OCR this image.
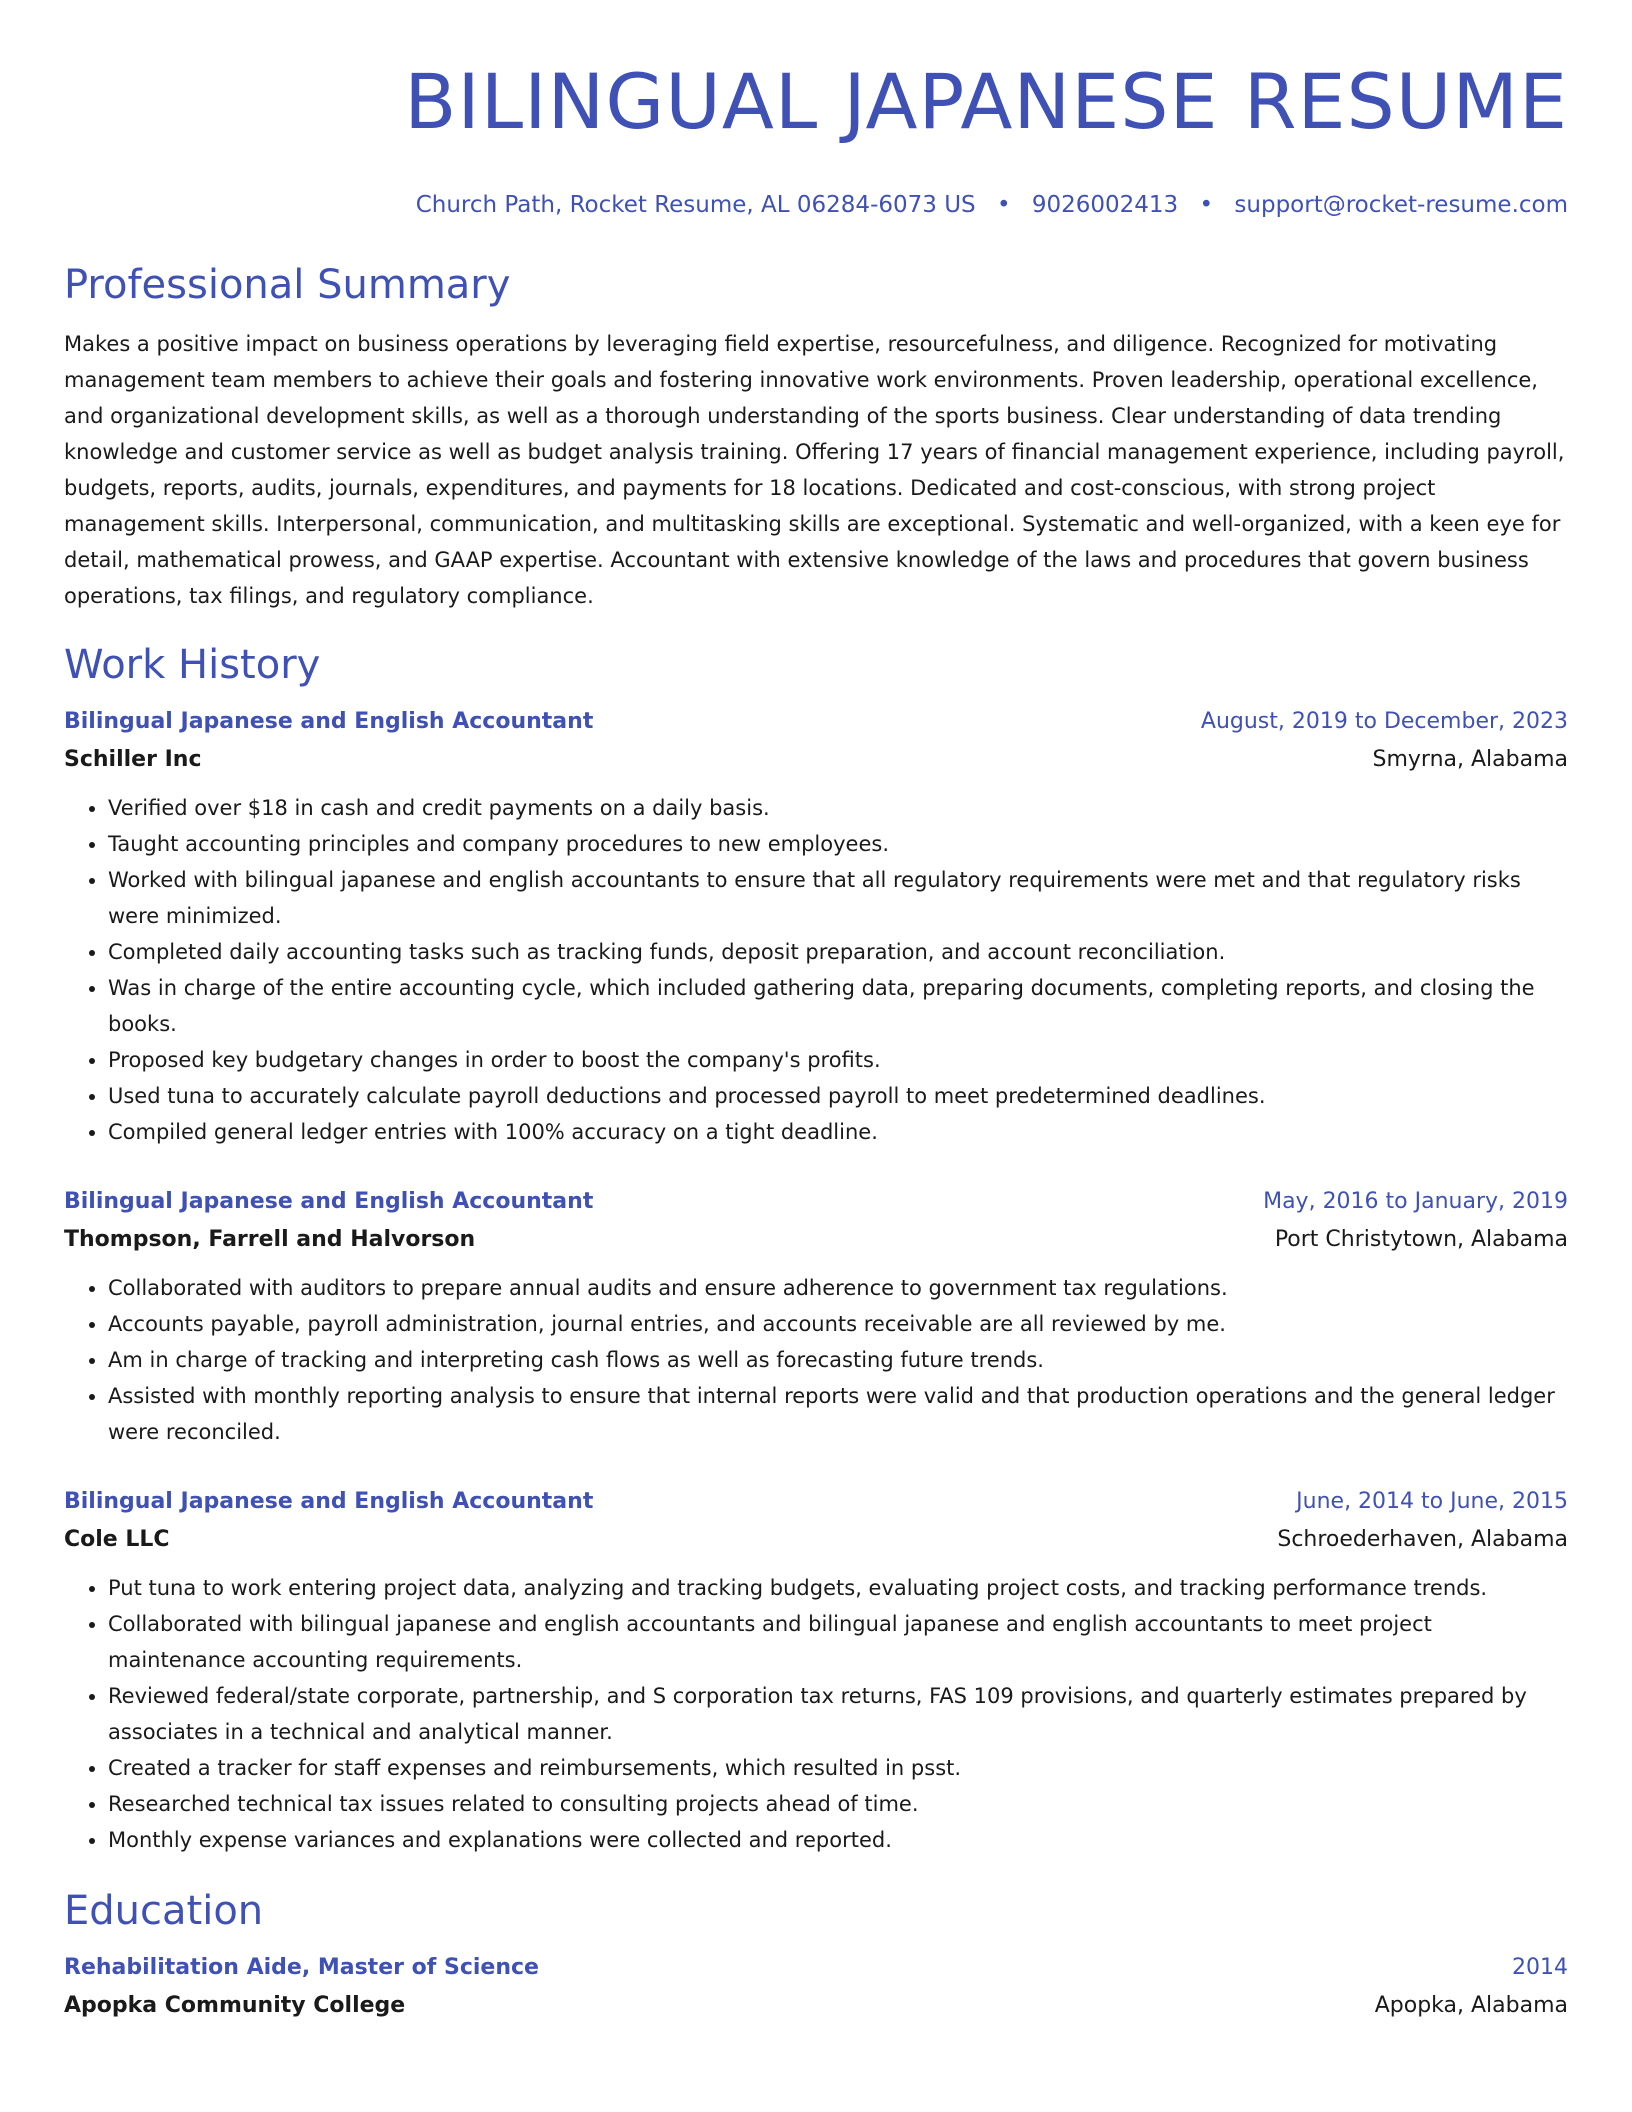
BILINGUAL JAPANESE RESUME
Church Path, Rocket Resume, AL 06284-6073 US • 9026002413 • support@rocket-resume.com
Professional Summary
Makes a positive impact on business operations by leveraging field expertise, resourcefulness, and diligence. Recognized for motivating management team members to achieve their goals and fostering innovative work environments. Proven leadership, operational excellence, and organizational development skills, as well as a thorough understanding of the sports business. Clear understanding of data trending knowledge and customer service as well as budget analysis training. Offering 17 years of financial management experience, including payroll, budgets, reports, audits, journals, expenditures, and payments for 18 locations. Dedicated and cost-conscious, with strong project management skills. Interpersonal, communication, and multitasking skills are exceptional. Systematic and well-organized, with a keen eye for detail, mathematical prowess, and GAAP expertise. Accountant with extensive knowledge of the laws and procedures that govern business operations, tax filings, and regulatory compliance.
Work History
Bilingual Japanese and English Accountant	August, 2019 to December, 2023
Schiller Inc	Smyrna, Alabama
• Verified over $18 in cash and credit payments on a daily basis.
• Taught accounting principles and company procedures to new employees.
• Worked with bilingual japanese and english accountants to ensure that all regulatory requirements were met and that regulatory risks were minimized.
• Completed daily accounting tasks such as tracking funds, deposit preparation, and account reconciliation.
• Was in charge of the entire accounting cycle, which included gathering data, preparing documents, completing reports, and closing the books.
• Proposed key budgetary changes in order to boost the company's profits.
• Used tuna to accurately calculate payroll deductions and processed payroll to meet predetermined deadlines.
• Compiled general ledger entries with 100% accuracy on a tight deadline.
Bilingual Japanese and English Accountant	May, 2016 to January, 2019
Thompson, Farrell and Halvorson	Port Christytown, Alabama
• Collaborated with auditors to prepare annual audits and ensure adherence to government tax regulations.
• Accounts payable, payroll administration, journal entries, and accounts receivable are all reviewed by me.
• Am in charge of tracking and interpreting cash flows as well as forecasting future trends.
• Assisted with monthly reporting analysis to ensure that internal reports were valid and that production operations and the general ledger were reconciled.
Bilingual Japanese and English Accountant	June, 2014 to June, 2015
Cole LLC	Schroederhaven, Alabama
• Put tuna to work entering project data, analyzing and tracking budgets, evaluating project costs, and tracking performance trends.
• Collaborated with bilingual japanese and english accountants and bilingual japanese and english accountants to meet project maintenance accounting requirements.
• Reviewed federal/state corporate, partnership, and S corporation tax returns, FAS 109 provisions, and quarterly estimates prepared by associates in a technical and analytical manner.
• Created a tracker for staff expenses and reimbursements, which resulted in psst.
• Researched technical tax issues related to consulting projects ahead of time.
• Monthly expense variances and explanations were collected and reported.
Education
Rehabilitation Aide, Master of Science	2014
Apopka Community College	Apopka, Alabama
